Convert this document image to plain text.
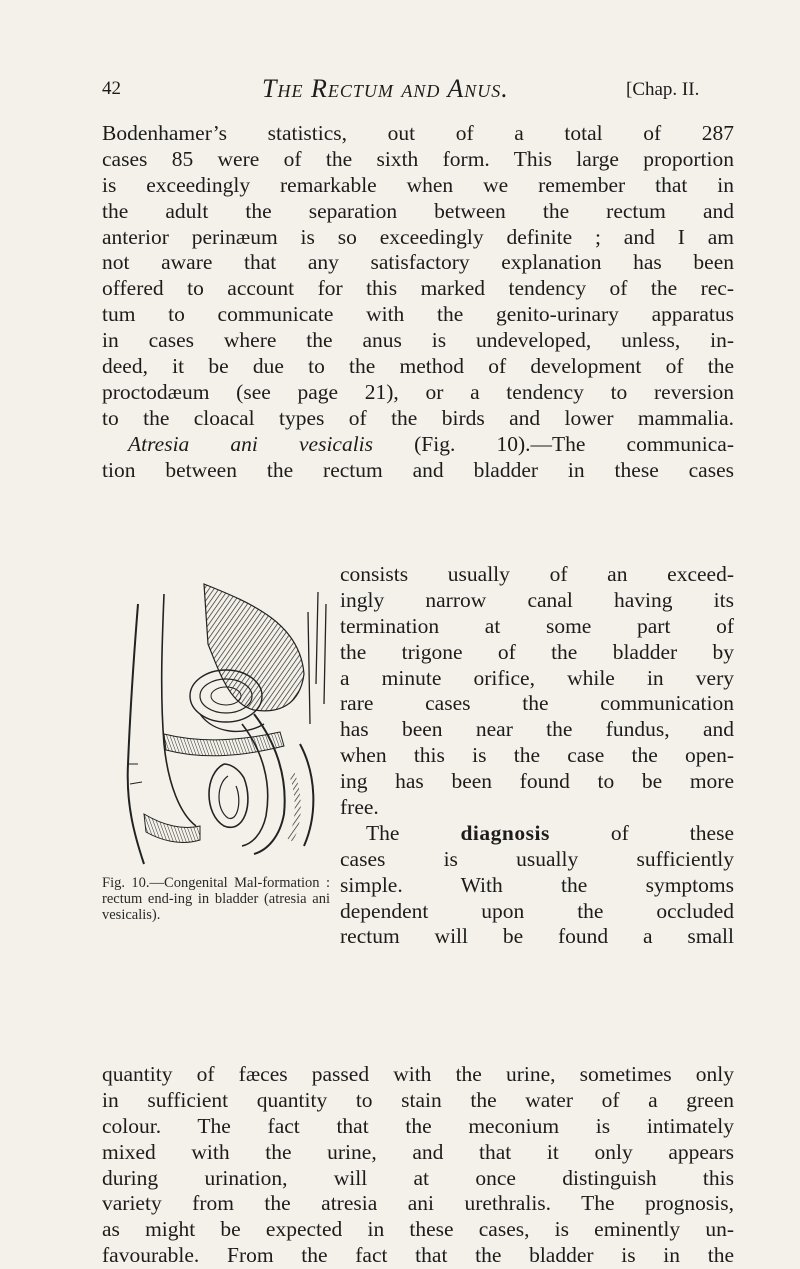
42	The Rectum and Anus.	[Chap. II.
Bodenhamer’s statistics, out of a total of 287
cases 85 were of the sixth form. This large proportion
is exceedingly remarkable when we remember that in
the adult the separation between the rectum and
anterior perinæum is so exceedingly definite ; and I am
not aware that any satisfactory explanation has been
offered to account for this marked tendency of the rec-
tum to communicate with the genito-urinary apparatus
in cases where the anus is undeveloped, unless, in-
deed, it be due to the method of development of the
proctodæum (see page 21), or a tendency to reversion
to the cloacal types of the birds and lower mammalia.
Atresia ani vesicalis (Fig. 10).—The communica-
tion between the rectum and bladder in these cases
Fig. 10.—Congenital Mal-formation : rectum end-ing in bladder (atresia ani vesicalis).
consists usually of an exceed-
ingly narrow canal having its
termination at some part of
the trigone of the bladder by
a minute orifice, while in very
rare cases the communication
has been near the fundus, and
when this is the case the open-
ing has been found to be more
free.
The diagnosis of these
cases is usually sufficiently
simple. With the symptoms
dependent upon the occluded
rectum will be found a small
quantity of fæces passed with the urine, sometimes only
in sufficient quantity to stain the water of a green
colour. The fact that the meconium is intimately
mixed with the urine, and that it only appears
during urination, will at once distinguish this
variety from the atresia ani urethralis. The prognosis,
as might be expected in these cases, is eminently un-
favourable. From the fact that the bladder is in the
